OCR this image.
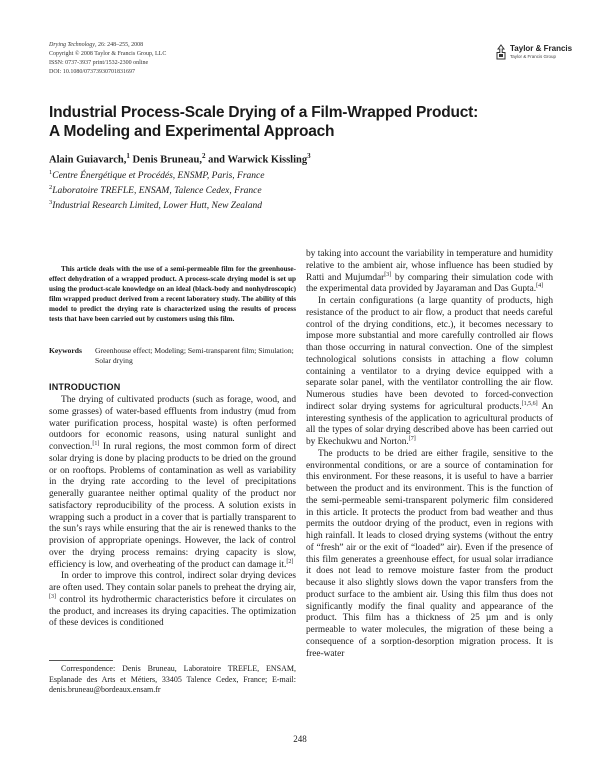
Drying Technology, 26: 248–255, 2008
Copyright © 2008 Taylor & Francis Group, LLC
ISSN: 0737-3937 print/1532-2300 online
DOI: 10.1080/07373930701831697
Taylor & Francis
Taylor & Francis Group
Industrial Process-Scale Drying of a Film-Wrapped Product:
A Modeling and Experimental Approach
Alain Guiavarch,$^1$ Denis Bruneau,$^2$ and Warwick Kissling$^3$
$^1$Centre Énergétique et Procédés, ENSMP, Paris, France
$^2$Laboratoire TREFLE, ENSAM, Talence Cedex, France
$^3$Industrial Research Limited, Lower Hutt, New Zealand
This article deals with the use of a semi-permeable film for the greenhouse-effect dehydration of a wrapped product. A process-scale drying model is set up using the product-scale knowledge on an ideal (black-body and nonhydroscopic) film wrapped product derived from a recent laboratory study. The ability of this model to predict the drying rate is characterized using the results of process tests that have been carried out by customers using this film.
Keywords Greenhouse effect; Modeling; Semi-transparent film; Simulation; Solar drying
INTRODUCTION

The drying of cultivated products (such as forage, wood, and some grasses) of water-based effluents from industry (mud from water purification process, hospital waste) is often performed outdoors for economic reasons, using natural sunlight and convection.[1] In rural regions, the most common form of direct solar drying is done by placing products to be dried on the ground or on rooftops. Problems of contamination as well as variability in the drying rate according to the level of precipitations generally guarantee neither optimal quality of the product nor satisfactory reproducibility of the process. A solution exists in wrapping such a product in a cover that is partially transparent to the sun’s rays while ensuring that the air is renewed thanks to the provision of appropriate openings. However, the lack of control over the drying process remains: drying capacity is slow, efficiency is low, and overheating of the product can damage it.[2]

In order to improve this control, indirect solar drying devices are often used. They contain solar panels to preheat the drying air,[3] control its hydrothermic characteristics before it circulates on the product, and increases its drying capacities. The optimization of these devices is conditioned

by taking into account the variability in temperature and humidity relative to the ambient air, whose influence has been studied by Ratti and Mujumdar[3] by comparing their simulation code with the experimental data provided by Jayaraman and Das Gupta.[4]

In certain configurations (a large quantity of products, high resistance of the product to air flow, a product that needs careful control of the drying conditions, etc.), it becomes necessary to impose more substantial and more carefully controlled air flows than those occurring in natural convection. One of the simplest technological solutions consists in attaching a flow column containing a ventilator to a drying device equipped with a separate solar panel, with the ventilator controlling the air flow. Numerous studies have been devoted to forced-convection indirect solar drying systems for agricultural products.[1,5,6] An interesting synthesis of the application to agricultural products of all the types of solar drying described above has been carried out by Ekechukwu and Norton.[7]

The products to be dried are either fragile, sensitive to the environmental conditions, or are a source of contamination for this environment. For these reasons, it is useful to have a barrier between the product and its environment. This is the function of the semi-permeable semi-transparent polymeric film considered in this article. It protects the product from bad weather and thus permits the outdoor drying of the product, even in regions with high rainfall. It leads to closed drying systems (without the entry of “fresh” air or the exit of “loaded” air). Even if the presence of this film generates a greenhouse effect, for usual solar irradiance it does not lead to remove moisture faster from the product because it also slightly slows down the vapor transfers from the product surface to the ambient air. Using this film thus does not significantly modify the final quality and appearance of the product. This film has a thickness of 25 µm and is only permeable to water molecules, the migration of these being a consequence of a sorption-desorption migration process. It is free-water

Correspondence: Denis Bruneau, Laboratoire TREFLE, ENSAM, Esplanade des Arts et Métiers, 33405 Talence Cedex, France; E-mail: denis.bruneau@bordeaux.ensam.fr
248
